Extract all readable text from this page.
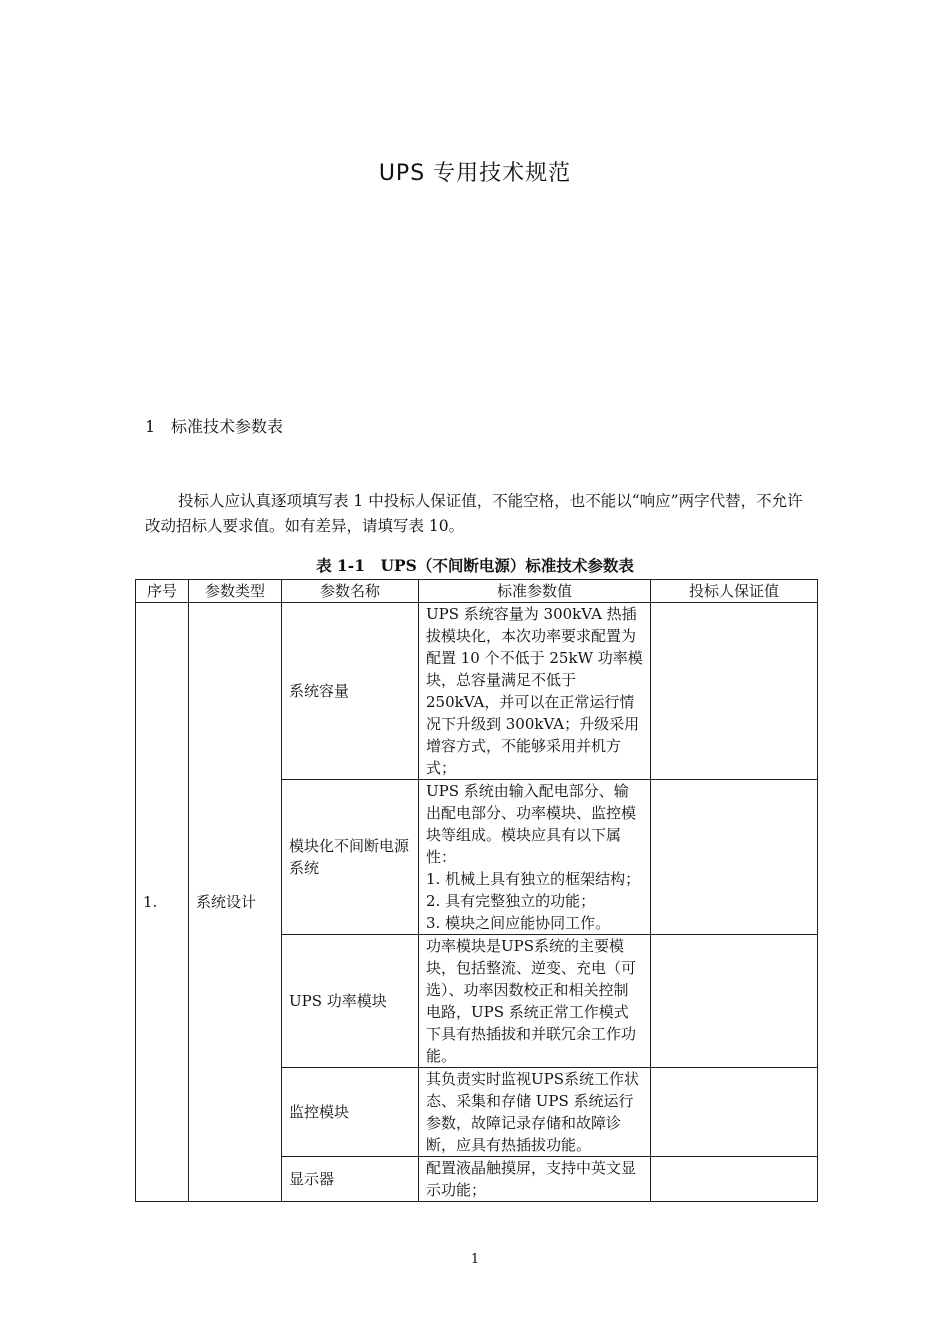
UPS 专用技术规范
1 标准技术参数表
投标人应认真逐项填写表 1 中投标人保证值，不能空格，也不能以“响应”两字代替，不允许改动招标人要求值。如有差异，请填写表 10。
表 1-1　UPS（不间断电源）标准技术参数表
序号	参数类型	参数名称	标准参数值	投标人保证值
1.	系统设计	系统容量	UPS 系统容量为 300kVA 热插拔模块化，本次功率要求配置为配置 10 个不低于 25kW 功率模块，总容量满足不低于 250kVA，并可以在正常运行情况下升级到 300kVA；升级采用增容方式，不能够采用并机方式；	
		模块化不间断电源系统	UPS 系统由输入配电部分、输出配电部分、功率模块、监控模块等组成。模块应具有以下属性：
1. 机械上具有独立的框架结构；
2. 具有完整独立的功能；
3. 模块之间应能协同工作。	
		UPS 功率模块	功率模块是UPS系统的主要模块，包括整流、逆变、充电（可选）、功率因数校正和相关控制电路，UPS 系统正常工作模式下具有热插拔和并联冗余工作功能。	
		监控模块	其负责实时监视UPS系统工作状态、采集和存储 UPS 系统运行参数，故障记录存储和故障诊断，应具有热插拔功能。	
		显示器	配置液晶触摸屏，支持中英文显示功能；	
1
